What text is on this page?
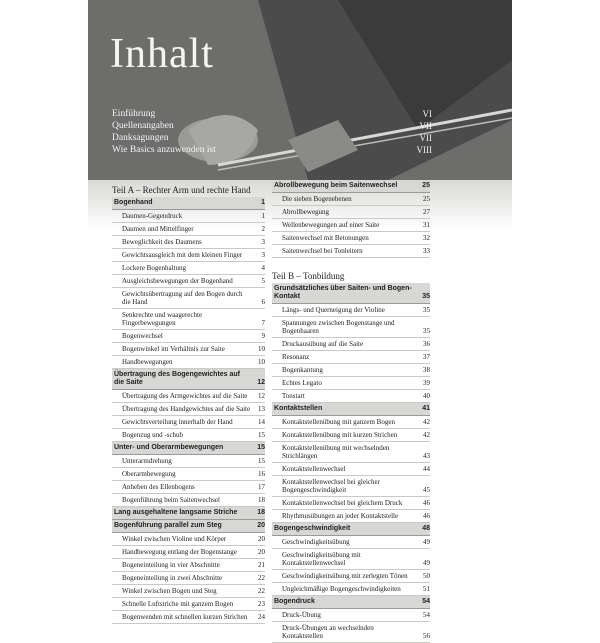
Inhalt
Einführung	VI
Quellenangaben	VII
Danksagungen	VII
Wie Basics anzuwenden ist	VIII
Teil A – Rechter Arm und rechte Hand
Bogenhand	1
Daumen-Gegendruck	1
Daumen und Mittelfinger	2
Beweglichkeit des Daumens	3
Gewichtsausgleich mit dem kleinen Finger	3
Lockere Bogenhaltung	4
Ausgleichsbewegungen der Bogenhand	5
Gewichtsübertragung auf den Bogen durch die Hand	6
Senkrechte und waagerechte Fingerbewegungen	7
Bogenwechsel	9
Bogenwinkel im Verhältnis zur Saite	10
Handbewegungen	10
Übertragung des Bogengewichtes auf die Saite	12
Übertragung des Armgewichtes auf die Saite	12
Übertragung des Handgewichtes auf die Saite	13
Gewichtsverteilung innerhalb der Hand	14
Bogenzug und -schub	15
Unter- und Oberarmbewegungen	15
Unterarmdrehung	15
Oberarmbewegung	16
Anheben des Ellenbogens	17
Bogenführung beim Saitenwechsel	18
Lang ausgehaltene langsame Striche	18
Bogenführung parallel zum Steg	20
Winkel zwischen Violine und Körper	20
Handbewegung entlang der Bogenstange	20
Bogeneinteilung in vier Abschnitte	21
Bogeneinteilung in zwei Abschnitte	22
Winkel zwischen Bogen und Steg	22
Schnelle Luftstriche mit ganzem Bogen	23
Bogenwenden mit schnellen kurzen Strichen	24
Abrollbewegung beim Saitenwechsel	25
Die sieben Bogenebenen	25
Abrollbewegung	27
Wellenbewegungen auf einer Saite	31
Saitenwechsel mit Betonungen	32
Saitenwechsel bei Tonleitern	33
Teil B – Tonbildung
Grundsätzliches über Saiten- und Bogen-Kontakt	35
Längs- und Querneigung der Violine	35
Spannungen zwischen Bogenstange und Bogenhaaren	35
Druckausübung auf die Saite	36
Resonanz	37
Bogenkantung	38
Echtes Legato	39
Tonstart	40
Kontaktstellen	41
Kontaktstellenübung mit ganzem Bogen	42
Kontaktstellenübung mit kurzen Strichen	42
Kontaktstellenübung mit wechselnden Strichlängen	43
Kontaktstellenwechsel	44
Kontaktstellenwechsel bei gleicher Bogengeschwindigkeit	45
Kontaktstellenwechsel bei gleichem Druck	46
Rhythmusübungen an jeder Kontaktstelle	46
Bogengeschwindigkeit	48
Geschwindigkeitsübung	49
Geschwindigkeitsübung mit Kontaktstellenwechsel	49
Geschwindigkeitsübung mit zerlegten Tönen	50
Ungleichmäßige Bogengeschwindigkeiten	51
Bogendruck	54
Druck-Übung	54
Druck-Übungen an wechselnden Kontaktstellen	56
